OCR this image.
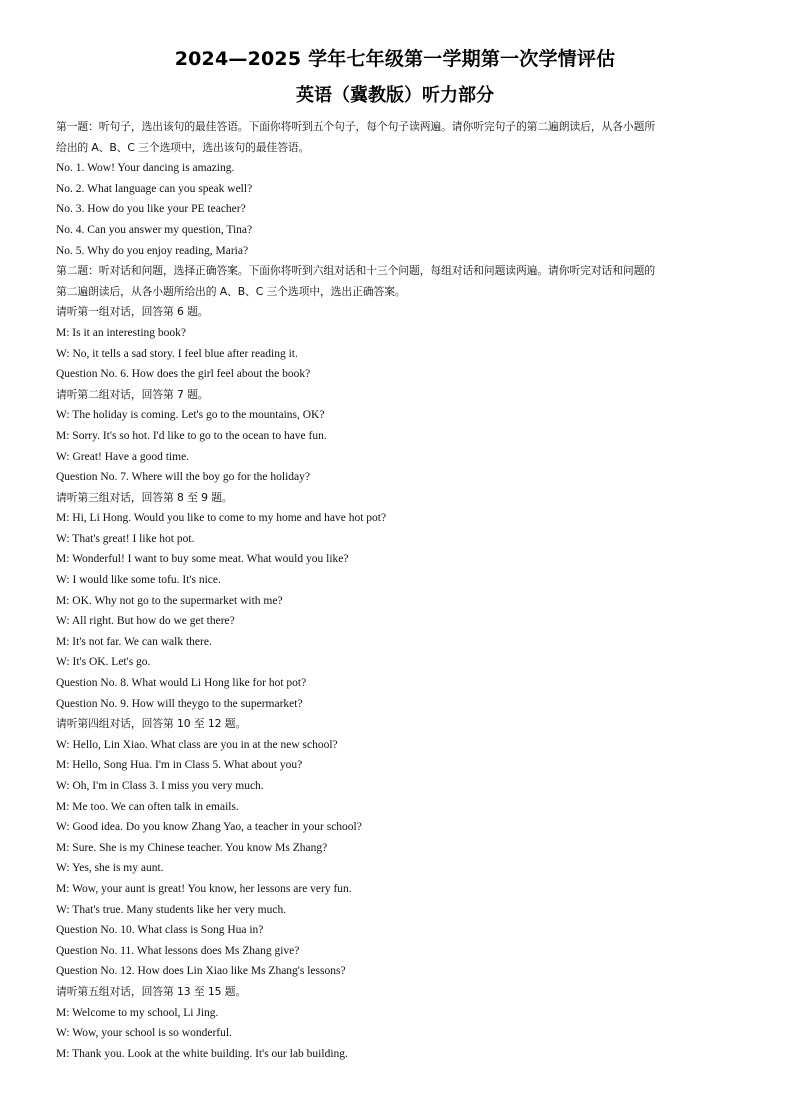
2024—2025 学年七年级第一学期第一次学情评估
英语（冀教版）听力部分
第一题：听句子，选出该句的最佳答语。下面你将听到五个句子，每个句子读两遍。请你听完句子的第二遍朗读后，从各小题所
给出的 A、B、C 三个选项中，选出该句的最佳答语。
No. 1. Wow! Your dancing is amazing.
No. 2. What language can you speak well?
No. 3. How do you like your PE teacher?
No. 4. Can you answer my question, Tina?
No. 5. Why do you enjoy reading, Maria?
第二题：听对话和问题，选择正确答案。下面你将听到六组对话和十三个问题，每组对话和问题读两遍。请你听完对话和问题的
第二遍朗读后，从各小题所给出的 A、B、C 三个选项中，选出正确答案。
请听第一组对话，回答第 6 题。
M: Is it an interesting book?
W: No, it tells a sad story. I feel blue after reading it.
Question No. 6. How does the girl feel about the book?
请听第二组对话，回答第 7 题。
W: The holiday is coming. Let's go to the mountains, OK?
M: Sorry. It's so hot. I'd like to go to the ocean to have fun.
W: Great! Have a good time.
Question No. 7. Where will the boy go for the holiday?
请听第三组对话，回答第 8 至 9 题。
M: Hi, Li Hong. Would you like to come to my home and have hot pot?
W: That's great! I like hot pot.
M: Wonderful! I want to buy some meat. What would you like?
W: I would like some tofu. It's nice.
M: OK. Why not go to the supermarket with me?
W: All right. But how do we get there?
M: It's not far. We can walk there.
W: It's OK. Let's go.
Question No. 8. What would Li Hong like for hot pot?
Question No. 9. How will theygo to the supermarket?
请听第四组对话，回答第 10 至 12 题。
W: Hello, Lin Xiao. What class are you in at the new school?
M: Hello, Song Hua. I'm in Class 5. What about you?
W: Oh, I'm in Class 3. I miss you very much.
M: Me too. We can often talk in emails.
W: Good idea. Do you know Zhang Yao, a teacher in your school?
M: Sure. She is my Chinese teacher. You know Ms Zhang?
W: Yes, she is my aunt.
M: Wow, your aunt is great! You know, her lessons are very fun.
W: That's true. Many students like her very much.
Question No. 10. What class is Song Hua in?
Question No. 11. What lessons does Ms Zhang give?
Question No. 12. How does Lin Xiao like Ms Zhang's lessons?
请听第五组对话，回答第 13 至 15 题。
M: Welcome to my school, Li Jing.
W: Wow, your school is so wonderful.
M: Thank you. Look at the white building. It's our lab building.
